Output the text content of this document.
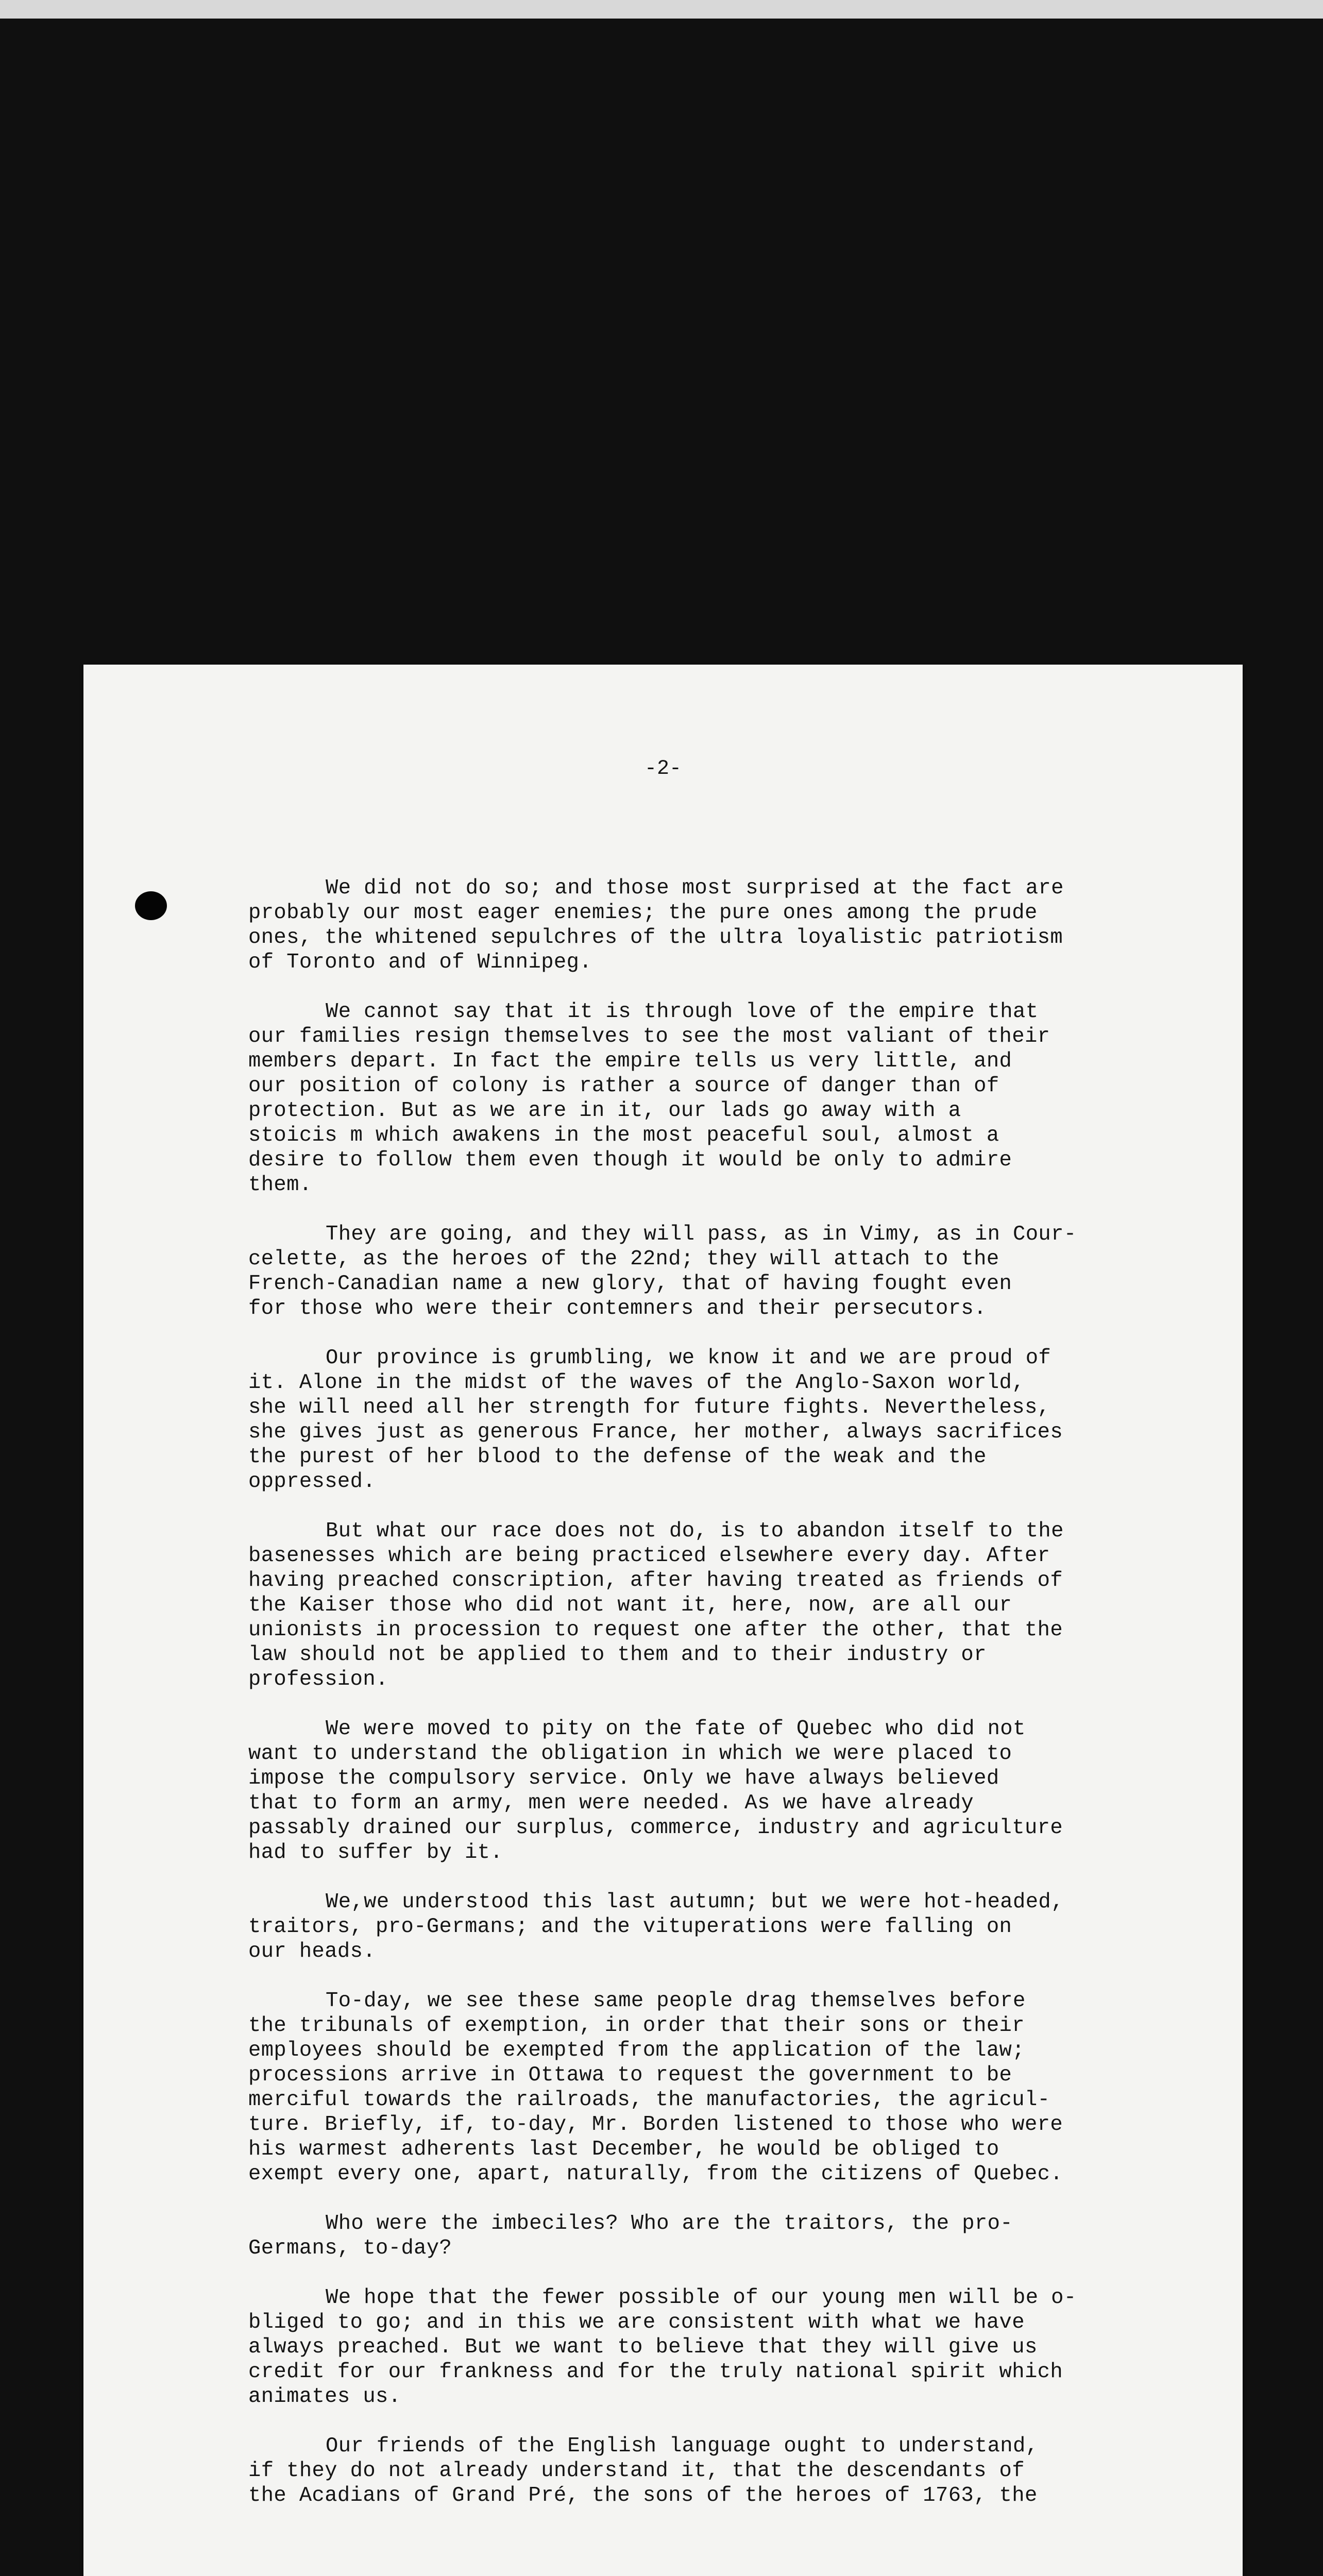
-2-

We did not do so; and those most surprised at the fact are
probably our most eager enemies; the pure ones among the prude
ones, the whitened sepulchres of the ultra loyalistic patriotism
of Toronto and of Winnipeg.

We cannot say that it is through love of the empire that
our families resign themselves to see the most valiant of their
members depart. In fact the empire tells us very little, and
our position of colony is rather a source of danger than of
protection. But as we are in it, our lads go away with a
stoicis m which awakens in the most peaceful soul, almost a
desire to follow them even though it would be only to admire
them.

They are going, and they will pass, as in Vimy, as in Cour-
celette, as the heroes of the 22nd; they will attach to the
French-Canadian name a new glory, that of having fought even
for those who were their contemners and their persecutors.

Our province is grumbling, we know it and we are proud of
it. Alone in the midst of the waves of the Anglo-Saxon world,
she will need all her strength for future fights. Nevertheless,
she gives just as generous France, her mother, always sacrifices
the purest of her blood to the defense of the weak and the
oppressed.

But what our race does not do, is to abandon itself to the
basenesses which are being practiced elsewhere every day. After
having preached conscription, after having treated as friends of
the Kaiser those who did not want it, here, now, are all our
unionists in procession to request one after the other, that the
law should not be applied to them and to their industry or
profession.

We were moved to pity on the fate of Quebec who did not
want to understand the obligation in which we were placed to
impose the compulsory service. Only we have always believed
that to form an army, men were needed. As we have already
passably drained our surplus, commerce, industry and agriculture
had to suffer by it.

We,we understood this last autumn; but we were hot-headed,
traitors, pro-Germans; and the vituperations were falling on
our heads.

To-day, we see these same people drag themselves before
the tribunals of exemption, in order that their sons or their
employees should be exempted from the application of the law;
processions arrive in Ottawa to request the government to be
merciful towards the railroads, the manufactories, the agricul-
ture. Briefly, if, to-day, Mr. Borden listened to those who were
his warmest adherents last December, he would be obliged to
exempt every one, apart, naturally, from the citizens of Quebec.

Who were the imbeciles? Who are the traitors, the pro-
Germans, to-day?

We hope that the fewer possible of our young men will be o-
bliged to go; and in this we are consistent with what we have
always preached. But we want to believe that they will give us
credit for our frankness and for the truly national spirit which
animates us.

Our friends of the English language ought to understand,
if they do not already understand it, that the descendants of
the Acadians of Grand Pré, the sons of the heroes of 1763, the
